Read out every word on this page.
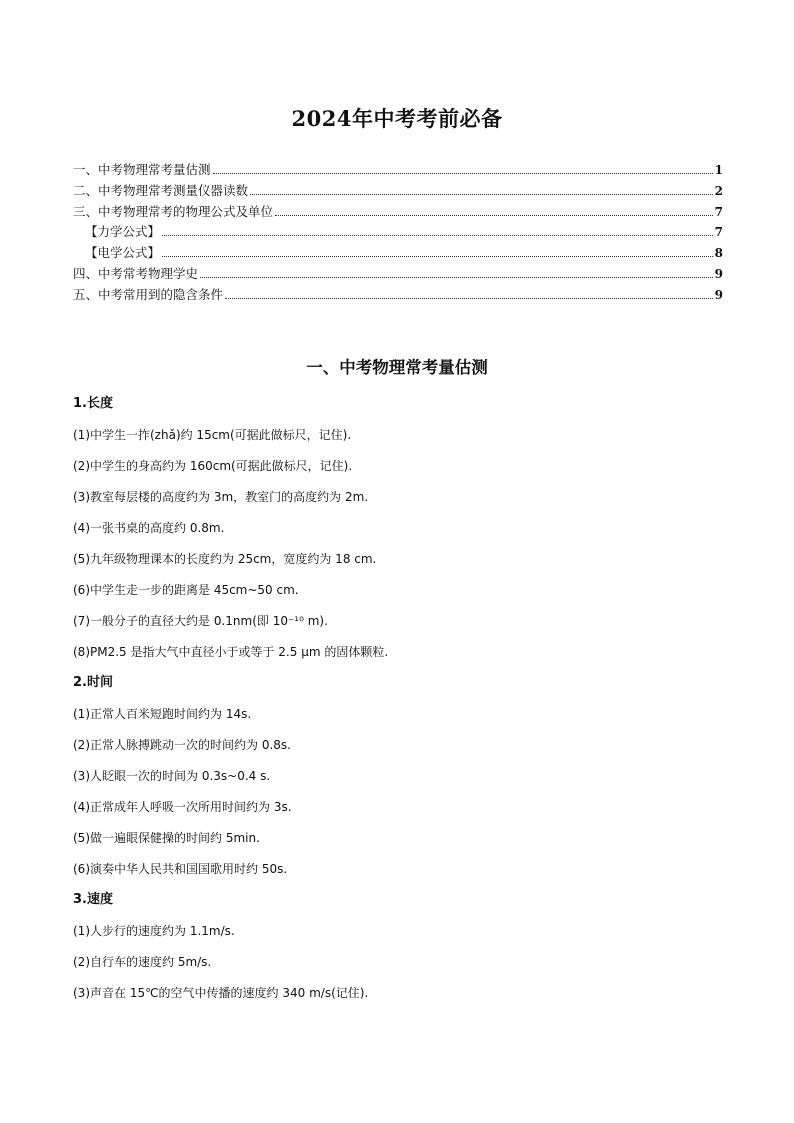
2024年中考考前必备
一、中考物理常考量估测	1
二、中考物理常考测量仪器读数	2
三、中考物理常考的物理公式及单位	7
【力学公式】	7
【电学公式】	8
四、中考常考物理学史	9
五、中考常用到的隐含条件	9
一、中考物理常考量估测
1.长度
(1)中学生一拃(zhǎ)约 15cm(可据此做标尺，记住).
(2)中学生的身高约为 160cm(可据此做标尺，记住).
(3)教室每层楼的高度约为 3m，教室门的高度约为 2m.
(4)一张书桌的高度约 0.8m.
(5)九年级物理课本的长度约为 25cm，宽度约为 18 cm.
(6)中学生走一步的距离是 45cm~50 cm.
(7)一般分子的直径大约是 0.1nm(即 10⁻¹⁰ m).
(8)PM2.5 是指大气中直径小于或等于 2.5 μm 的固体颗粒.
2.时间
(1)正常人百米短跑时间约为 14s.
(2)正常人脉搏跳动一次的时间约为 0.8s.
(3)人眨眼一次的时间为 0.3s~0.4 s.
(4)正常成年人呼吸一次所用时间约为 3s.
(5)做一遍眼保健操的时间约 5min.
(6)演奏中华人民共和国国歌用时约 50s.
3.速度
(1)人步行的速度约为 1.1m/s.
(2)自行车的速度约 5m/s.
(3)声音在 15℃的空气中传播的速度约 340 m/s(记住).
